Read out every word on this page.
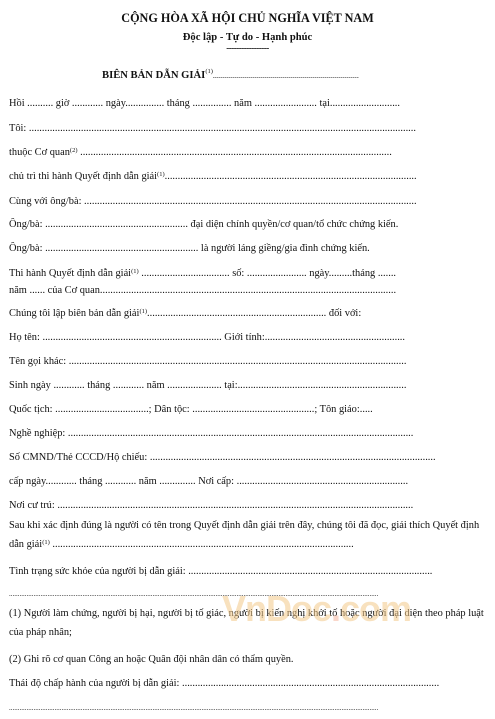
CỘNG HÒA XÃ HỘI CHỦ NGHĨA VIỆT NAM
Độc lập - Tự do - Hạnh phúc
-----------------
BIÊN BẢN DẪN GIẢI$^{(1)}$.........................................................................
Hồi .......... giờ ............ ngày............... tháng ............... năm ........................ tại...........................
Tôi: .....................................................................................................................................................
thuộc Cơ quan$^{(2)}$ ........................................................................................................................
chủ trì thi hành Quyết định dẫn giải$^{(1)}$.................................................................................................
Cùng với ông/bà: ................................................................................................................................
Ông/bà: ....................................................... đại diện chính quyền/cơ quan/tổ chức chứng kiến.
Ông/bà: ........................................................... là người láng giềng/gia đình chứng kiến.
Thi hành Quyết định dẫn giải$^{(1)}$ .................................. số: ....................... ngày.........tháng .......
năm ...... của Cơ quan..................................................................................................................
Chúng tôi lập biên bản dẫn giải$^{(1)}$..................................................................... đối với:
Họ tên: ..................................................................... Giới tính:......................................................
Tên gọi khác: ..................................................................................................................................
Sinh ngày ............ tháng ............ năm ..................... tại:.................................................................
Quốc tịch: ....................................; Dân tộc: ...............................................; Tôn giáo:.....
Nghề nghiệp: .....................................................................................................................................
Số CMND/Thẻ CCCD/Hộ chiếu: ..............................................................................................................
cấp ngày............ tháng ............ năm .............. Nơi cấp: ..................................................................
Nơi cư trú: .........................................................................................................................................
Sau khi xác định đúng là người có tên trong Quyết định dẫn giải trên đây, chúng tôi đã đọc, giải thích Quyết định dẫn giải$^{(1)}$ ....................................................................................................................
Tình trạng sức khỏe của người bị dẫn giải: ..............................................................................................
...................................................................................................................................................................................................................
(1) Người làm chứng, người bị hại, người bị tố giác, người bị kiến nghị khởi tố hoặc người đại diện theo pháp luật của pháp nhân;
(2) Ghi rõ cơ quan Công an hoặc Quân đội nhân dân có thẩm quyền.
Thái độ chấp hành của người bị dẫn giải: ...................................................................................................
...................................................................................................................................................................................................................
VnDoc.com
